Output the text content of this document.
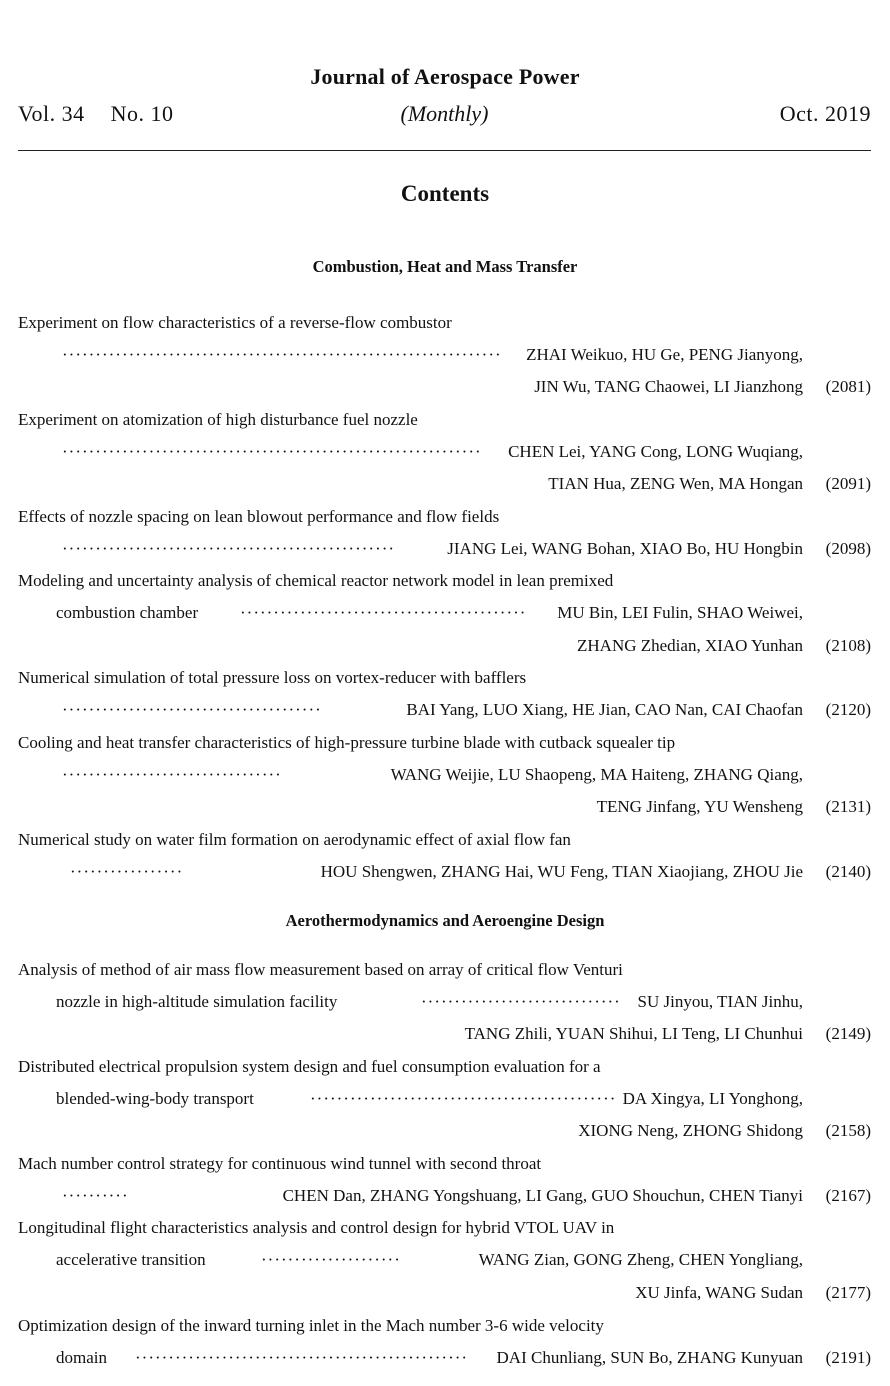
Journal of Aerospace Power
Vol. 34 No. 10	(Monthly)	Oct. 2019
Contents
Combustion, Heat and Mass Transfer
Experiment on flow characteristics of a reverse-flow combustor
·································································· ZHAI Weikuo, HU Ge, PENG Jianyong,
JIN Wu, TANG Chaowei, LI Jianzhong (2081)
Experiment on atomization of high disturbance fuel nozzle
······························································· CHEN Lei, YANG Cong, LONG Wuqiang,
TIAN Hua, ZENG Wen, MA Hongan (2091)
Effects of nozzle spacing on lean blowout performance and flow fields
··················································	JIANG Lei, WANG Bohan, XIAO Bo, HU Hongbin (2098)
Modeling and uncertainty analysis of chemical reactor network model in lean premixed
combustion chamber ··········································· MU Bin, LEI Fulin, SHAO Weiwei,
ZHANG Zhedian, XIAO Yunhan (2108)
Numerical simulation of total pressure loss on vortex-reducer with bafflers
·······································	BAI Yang, LUO Xiang, HE Jian, CAO Nan, CAI Chaofan (2120)
Cooling and heat transfer characteristics of high-pressure turbine blade with cutback squealer tip
·································	WANG Weijie, LU Shaopeng, MA Haiteng, ZHANG Qiang,
TENG Jinfang, YU Wensheng (2131)
Numerical study on water film formation on aerodynamic effect of axial flow fan
·················	HOU Shengwen, ZHANG Hai, WU Feng, TIAN Xiaojiang, ZHOU Jie (2140)
Aerothermodynamics and Aeroengine Design
Analysis of method of air mass flow measurement based on array of critical flow Venturi
nozzle in high-altitude simulation facility	······························ SU Jinyou, TIAN Jinhu,
TANG Zhili, YUAN Shihui, LI Teng, LI Chunhui (2149)
Distributed electrical propulsion system design and fuel consumption evaluation for a
blended-wing-body transport	·············································· DA Xingya, LI Yonghong,
XIONG Neng, ZHONG Shidong (2158)
Mach number control strategy for continuous wind tunnel with second throat
··········	CHEN Dan, ZHANG Yongshuang, LI Gang, GUO Shouchun, CHEN Tianyi (2167)
Longitudinal flight characteristics analysis and control design for hybrid VTOL UAV in
accelerative transition	·····················	WANG Zian, GONG Zheng, CHEN Yongliang,
XU Jinfa, WANG Sudan (2177)
Optimization design of the inward turning inlet in the Mach number 3-6 wide velocity
domain ·················································· DAI Chunliang, SUN Bo, ZHANG Kunyuan (2191)
